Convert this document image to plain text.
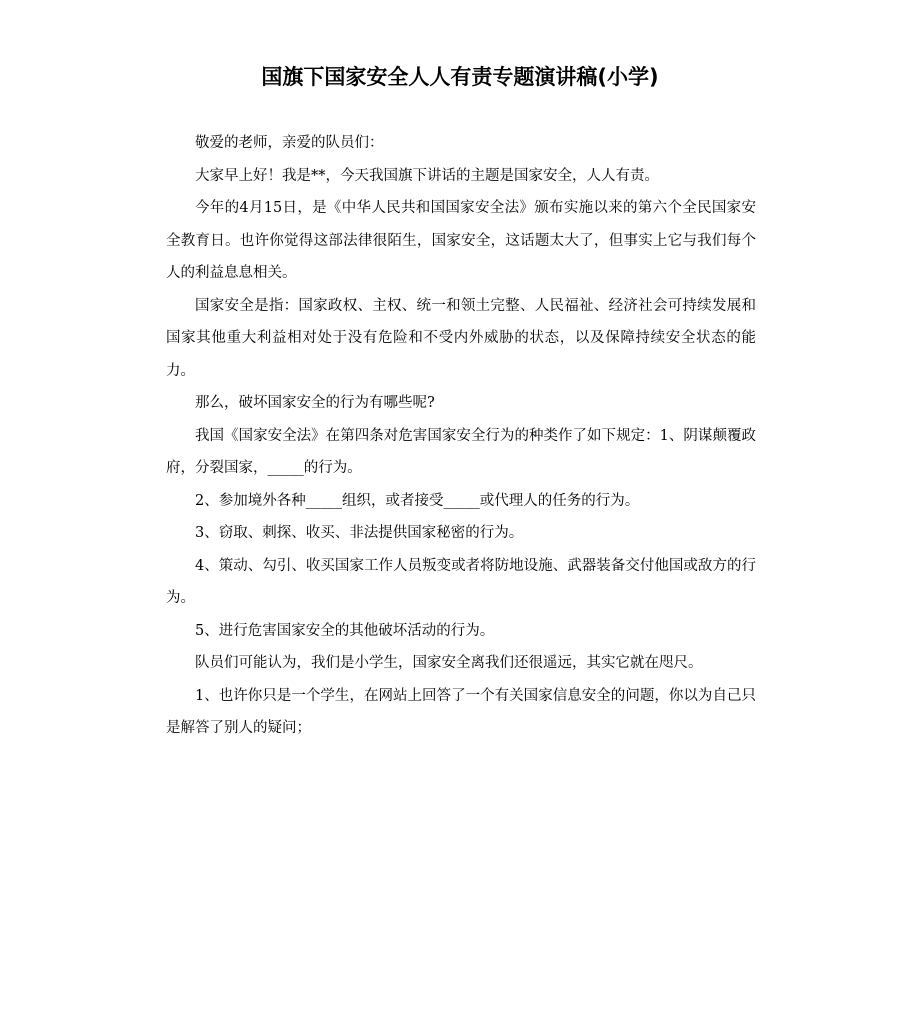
国旗下国家安全人人有责专题演讲稿(小学)

敬爱的老师，亲爱的队员们：

大家早上好！我是**，今天我国旗下讲话的主题是国家安全，人人有责。

今年的4月15日，是《中华人民共和国国家安全法》颁布实施以来的第六个全民国家安全教育日。也许你觉得这部法律很陌生，国家安全，这话题太大了，但事实上它与我们每个人的利益息息相关。

国家安全是指：国家政权、主权、统一和领土完整、人民福祉、经济社会可持续发展和国家其他重大利益相对处于没有危险和不受内外威胁的状态，以及保障持续安全状态的能力。

那么，破坏国家安全的行为有哪些呢?

我国《国家安全法》在第四条对危害国家安全行为的种类作了如下规定：1、阴谋颠覆政府，分裂国家，_____的行为。

2、参加境外各种_____组织，或者接受_____或代理人的任务的行为。

3、窃取、刺探、收买、非法提供国家秘密的行为。

4、策动、勾引、收买国家工作人员叛变或者将防地设施、武器装备交付他国或敌方的行为。

5、进行危害国家安全的其他破坏活动的行为。

队员们可能认为，我们是小学生，国家安全离我们还很遥远，其实它就在咫尺。

1、也许你只是一个学生，在网站上回答了一个有关国家信息安全的问题，你以为自己只是解答了别人的疑问；
